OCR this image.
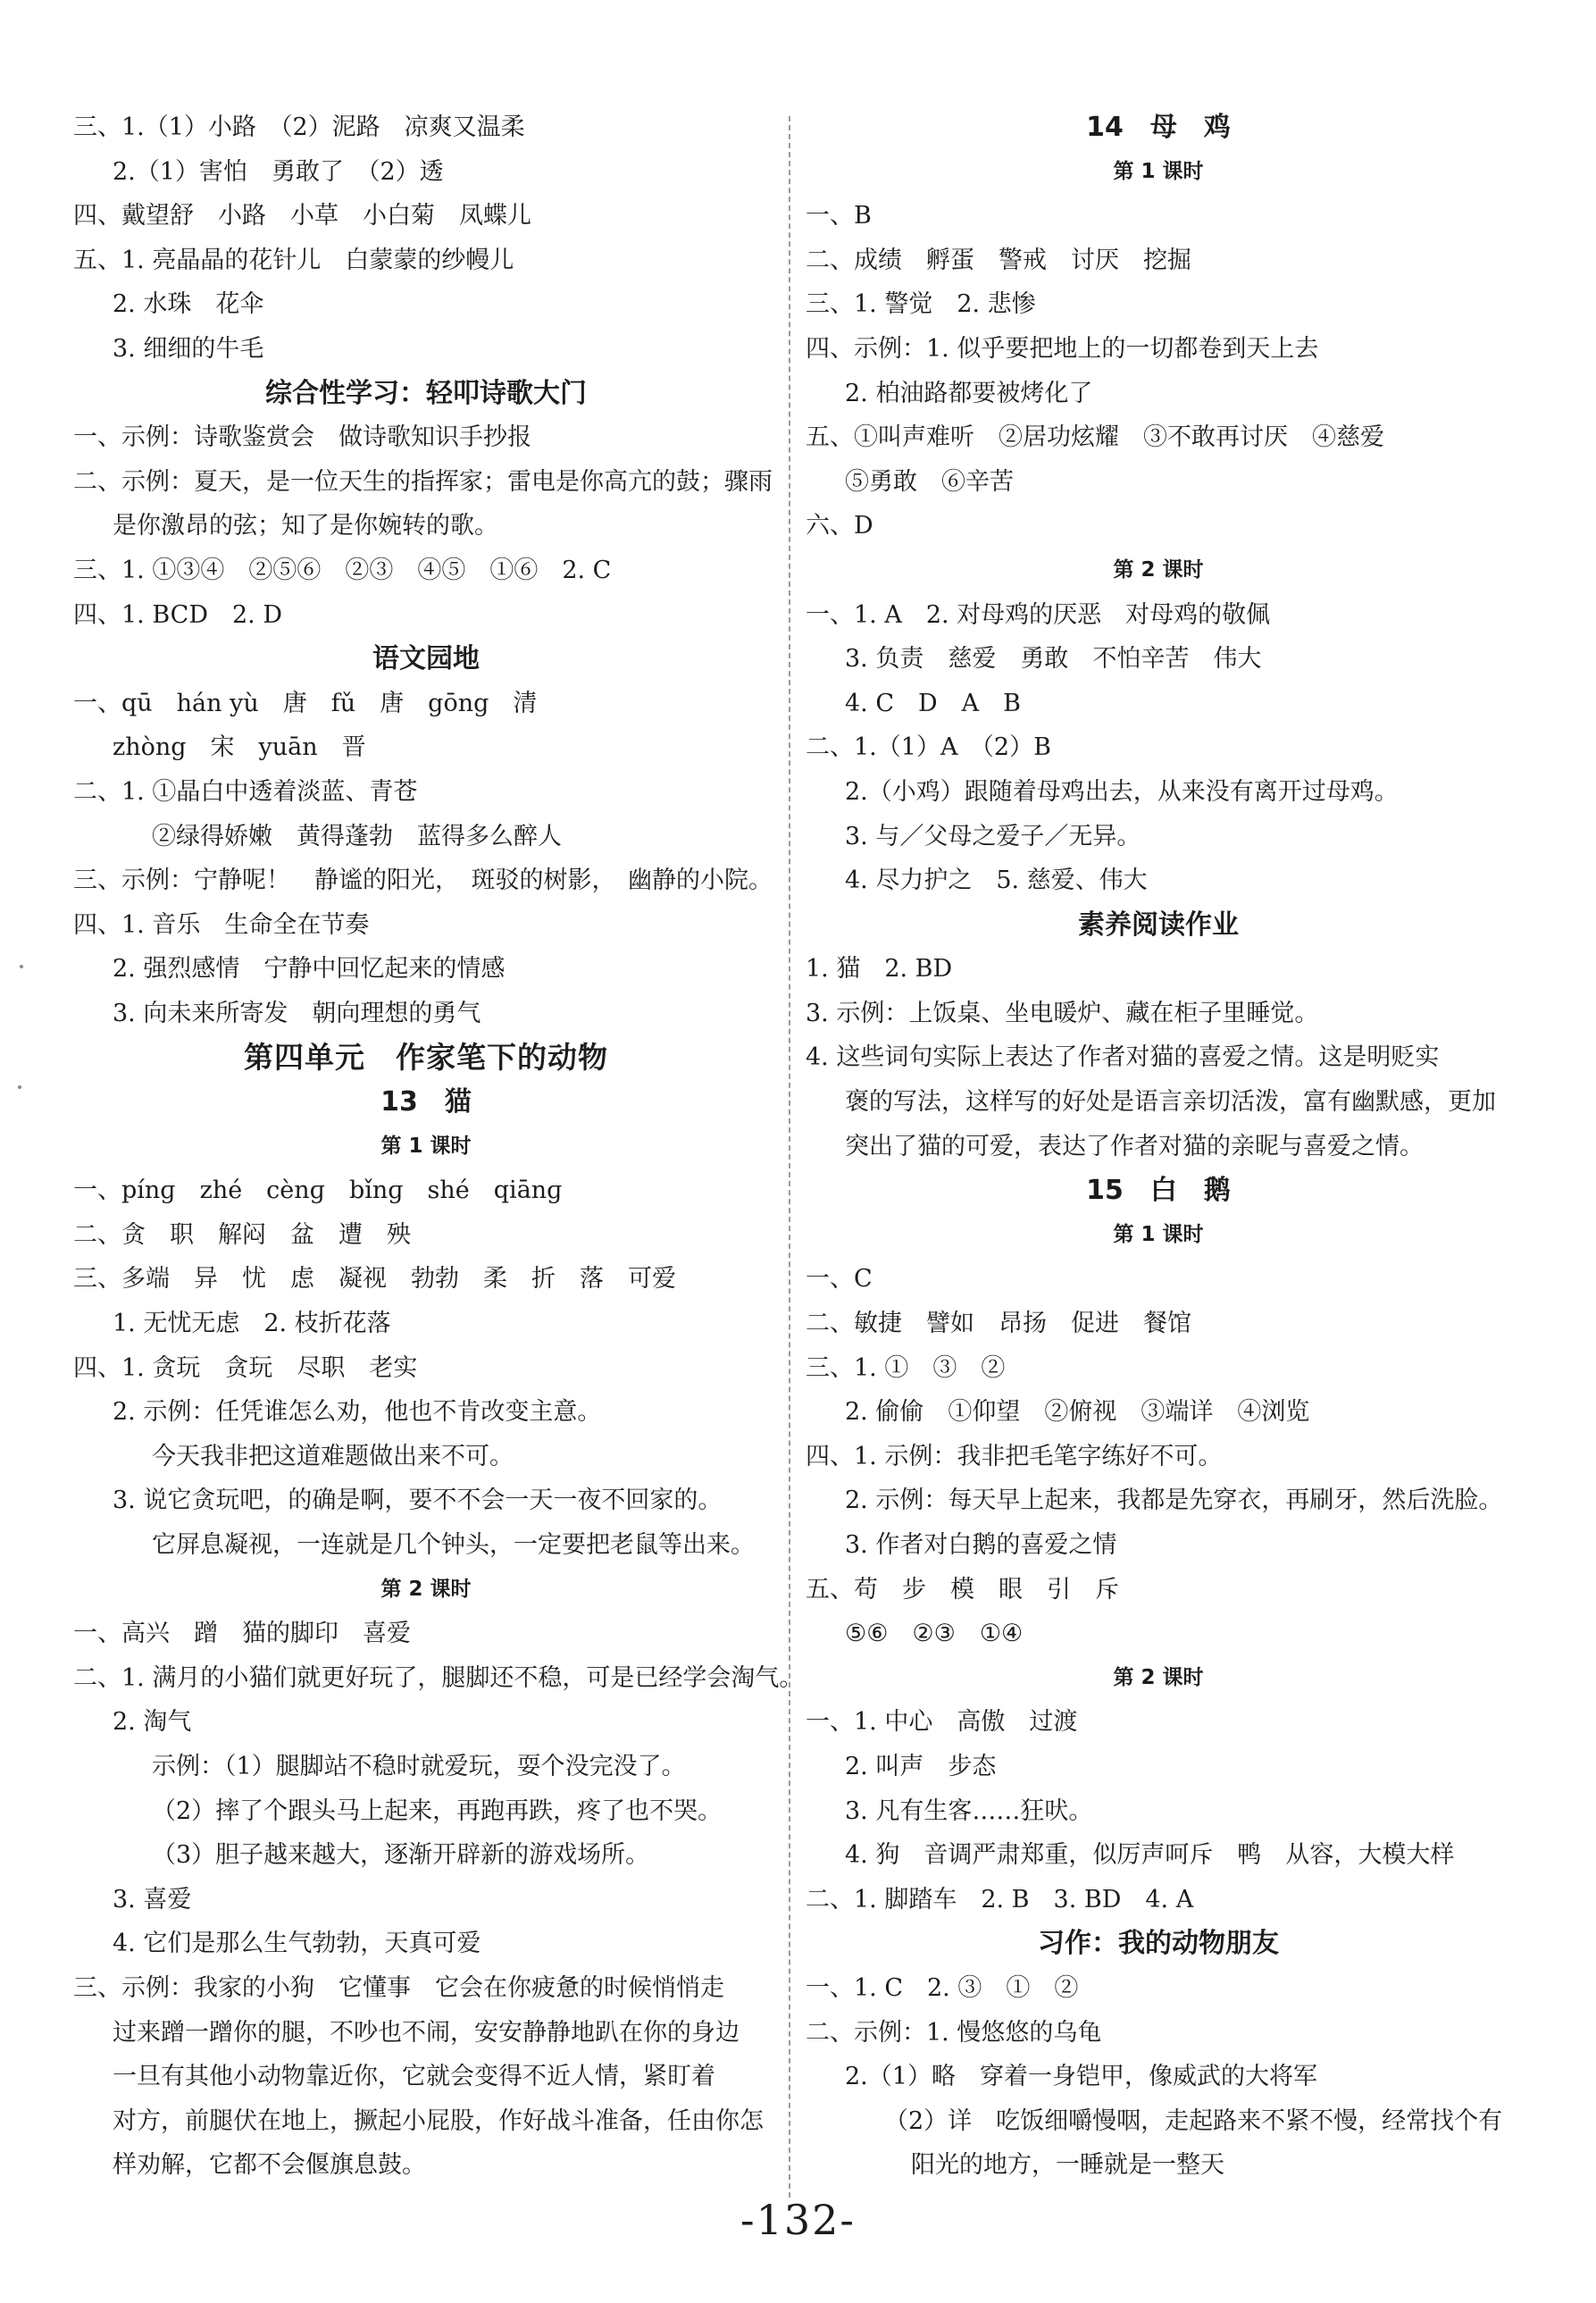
三、1.（1）小路　（2）泥路　凉爽又温柔
2.（1）害怕　勇敢了　（2）透
四、戴望舒　小路　小草　小白菊　凤蝶儿
五、1. 亮晶晶的花针儿　白蒙蒙的纱幔儿
2. 水珠　花伞
3. 细细的牛毛
综合性学习：轻叩诗歌大门
一、示例：诗歌鉴赏会　做诗歌知识手抄报
二、示例：夏天，是一位天生的指挥家；雷电是你高亢的鼓；骤雨
是你激昂的弦；知了是你婉转的歌。
三、1. ①③④　②⑤⑥　②③　④⑤　①⑥　2. C
四、1. BCD　2. D
语文园地
一、qū　hán yù　唐　fǔ　唐　gōng　清
zhòng　宋　yuān　晋
二、1. ①晶白中透着淡蓝、青苍
②绿得娇嫩　黄得蓬勃　蓝得多么醉人
三、示例：宁静呢！　静谧的阳光，　斑驳的树影，　幽静的小院。
四、1. 音乐　生命全在节奏
2. 强烈感情　宁静中回忆起来的情感
3. 向未来所寄发　朝向理想的勇气
第四单元　作家笔下的动物
13　猫
第 1 课时
一、pínɡ　zhé　cènɡ　bǐnɡ　shé　qiānɡ
二、贪　职　解闷　盆　遭　殃
三、多端　异　忧　虑　凝视　勃勃　柔　折　落　可爱
1. 无忧无虑　2. 枝折花落
四、1. 贪玩　贪玩　尽职　老实
2. 示例：任凭谁怎么劝，他也不肯改变主意。
今天我非把这道难题做出来不可。
3. 说它贪玩吧，的确是啊，要不不会一天一夜不回家的。
它屏息凝视，一连就是几个钟头，一定要把老鼠等出来。
第 2 课时
一、高兴　蹭　猫的脚印　喜爱
二、1. 满月的小猫们就更好玩了，腿脚还不稳，可是已经学会淘气。
2. 淘气
示例：（1）腿脚站不稳时就爱玩，耍个没完没了。
（2）摔了个跟头马上起来，再跑再跌，疼了也不哭。
（3）胆子越来越大，逐渐开辟新的游戏场所。
3. 喜爱
4. 它们是那么生气勃勃，天真可爱
三、示例：我家的小狗　它懂事　它会在你疲惫的时候悄悄走
过来蹭一蹭你的腿，不吵也不闹，安安静静地趴在你的身边
一旦有其他小动物靠近你，它就会变得不近人情，紧盯着
对方，前腿伏在地上，撅起小屁股，作好战斗准备，任由你怎
样劝解，它都不会偃旗息鼓。
14　母　鸡
第 1 课时
一、B
二、成绩　孵蛋　警戒　讨厌　挖掘
三、1. 警觉　2. 悲惨
四、示例：1. 似乎要把地上的一切都卷到天上去
2. 柏油路都要被烤化了
五、①叫声难听　②居功炫耀　③不敢再讨厌　④慈爱
⑤勇敢　⑥辛苦
六、D
第 2 课时
一、1. A　2. 对母鸡的厌恶　对母鸡的敬佩
3. 负责　慈爱　勇敢　不怕辛苦　伟大
4. C　D　A　B
二、1.（1）A　（2）B
2.（小鸡）跟随着母鸡出去，从来没有离开过母鸡。
3. 与／父母之爱子／无异。
4. 尽力护之　5. 慈爱、伟大
素养阅读作业
1. 猫　2. BD
3. 示例：上饭桌、坐电暖炉、藏在柜子里睡觉。
4. 这些词句实际上表达了作者对猫的喜爱之情。这是明贬实
褒的写法，这样写的好处是语言亲切活泼，富有幽默感，更加
突出了猫的可爱，表达了作者对猫的亲昵与喜爱之情。
15　白　鹅
第 1 课时
一、C
二、敏捷　譬如　昂扬　促进　餐馆
三、1. ①　③　②
2. 偷偷　①仰望　②俯视　③端详　④浏览
四、1. 示例：我非把毛笔字练好不可。
2. 示例：每天早上起来，我都是先穿衣，再刷牙，然后洗脸。
3. 作者对白鹅的喜爱之情
五、苟　步　模　眼　引　斥
⑤⑥　②③　①④
第 2 课时
一、1. 中心　高傲　过渡
2. 叫声　步态
3. 凡有生客……狂吠。
4. 狗　音调严肃郑重，似厉声呵斥　鸭　从容，大模大样
二、1. 脚踏车　2. B　3. BD　4. A
习作：我的动物朋友
一、1. C　2. ③　①　②
二、示例：1. 慢悠悠的乌龟
2.（1）略　穿着一身铠甲，像威武的大将军
（2）详　吃饭细嚼慢咽，走起路来不紧不慢，经常找个有
阳光的地方，一睡就是一整天
-132-
